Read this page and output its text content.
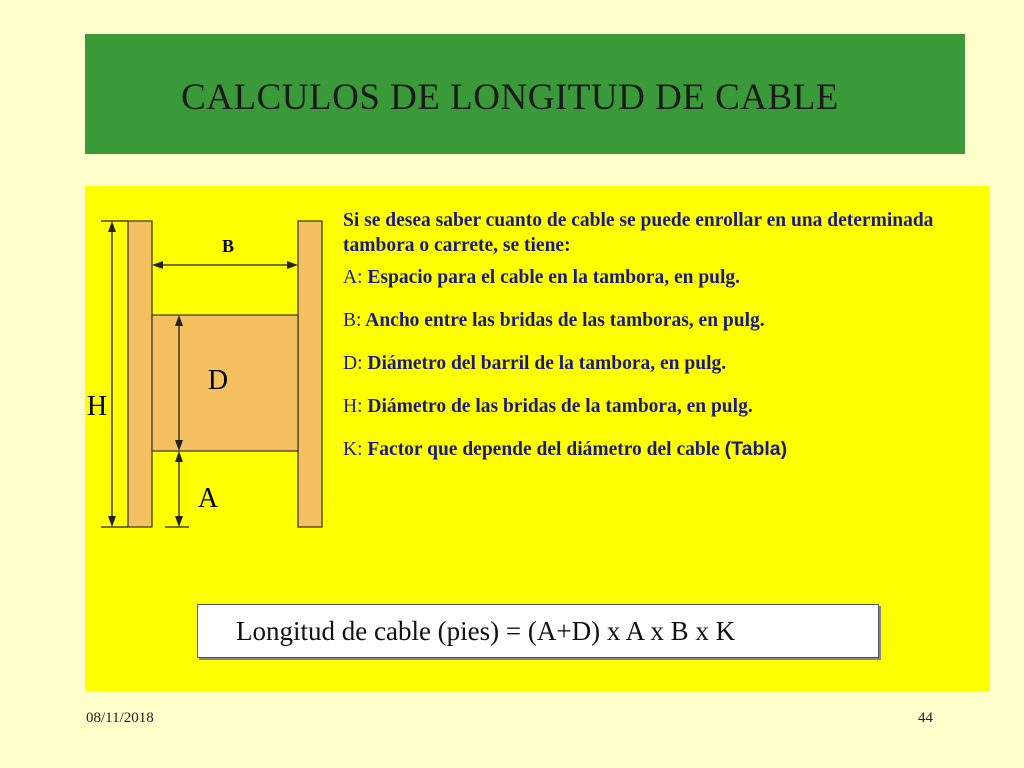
CALCULOS DE LONGITUD DE CABLE
B
D
H
A

Si se desea saber cuanto de cable se puede enrollar en una determinada tambora o carrete, se tiene:

A: Espacio para el cable en la tambora, en pulg.

B: Ancho entre las bridas de las tamboras, en pulg.

D: Diámetro del barril de la tambora, en pulg.

H: Diámetro de las bridas de la tambora, en pulg.

K: Factor que depende del diámetro del cable (Tabla)

Longitud de cable (pies) = (A+D) x A x B x K
08/11/2018	44
